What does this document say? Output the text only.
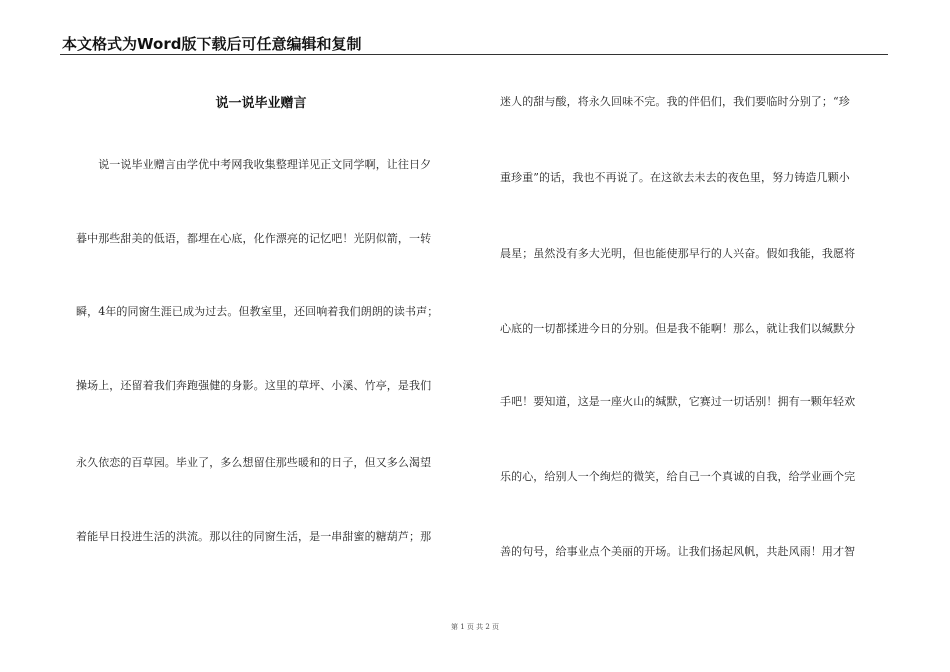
本文格式为Word版下载后可任意编辑和复制
说一说毕业赠言
　　说一说毕业赠言由学优中考网我收集整理详见正文同学啊，让往日夕
暮中那些甜美的低语，都埋在心底，化作漂亮的记忆吧！光阴似箭，一转
瞬，4年的同窗生涯已成为过去。但教室里，还回响着我们朗朗的读书声；
操场上，还留着我们奔跑强健的身影。这里的草坪、小溪、竹亭，是我们
永久依恋的百草园。毕业了，多么想留住那些暖和的日子，但又多么渴望
着能早日投进生活的洪流。那以往的同窗生活，是一串甜蜜的糖葫芦；那
迷人的甜与酸，将永久回味不完。我的伴侣们，我们要临时分别了；“珍
重珍重”的话，我也不再说了。在这欲去未去的夜色里，努力铸造几颗小
晨星；虽然没有多大光明，但也能使那早行的人兴奋。假如我能，我愿将
心底的一切都揉进今日的分别。但是我不能啊！那么，就让我们以缄默分
手吧！要知道，这是一座火山的缄默，它赛过一切话别！拥有一颗年轻欢
乐的心，给别人一个绚烂的微笑，给自己一个真诚的自我，给学业画个完
善的句号，给事业点个美丽的开场。让我们扬起风帆，共赴风雨！用才智
第 1 页 共 2 页
